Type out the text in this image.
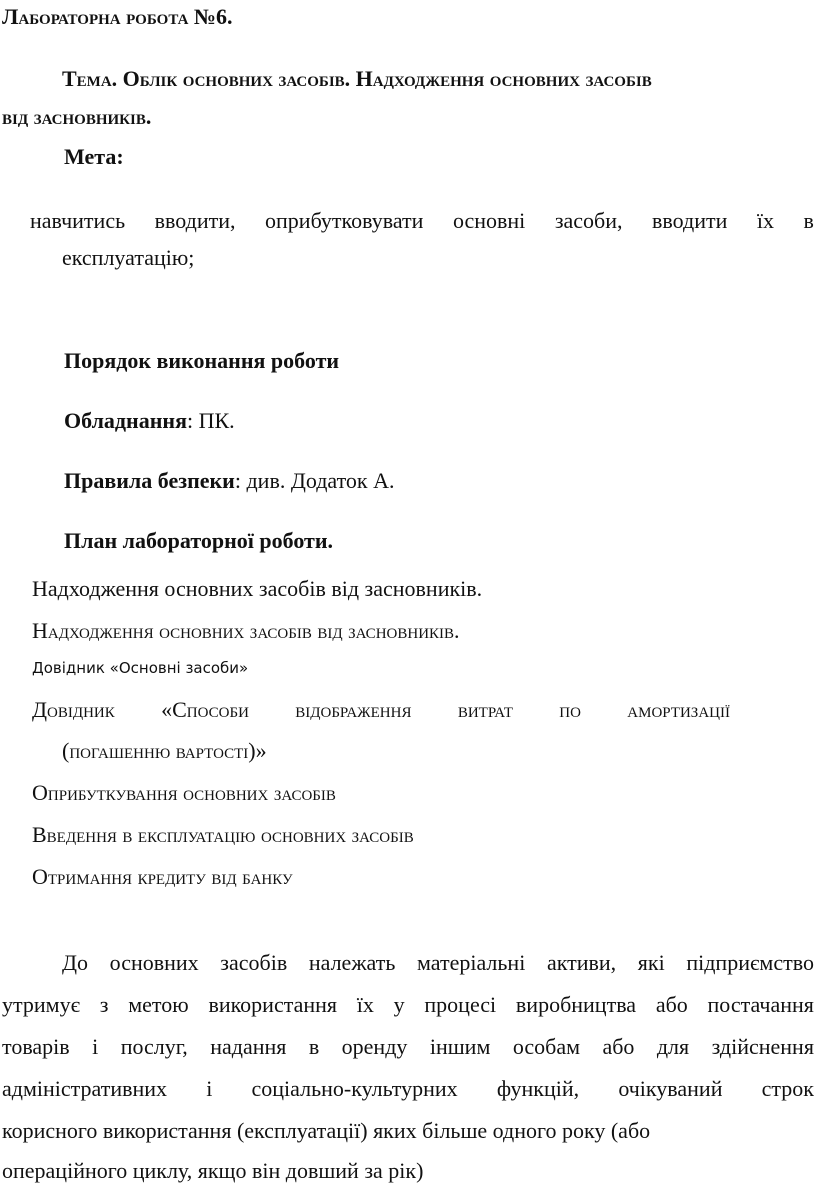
Лабораторна робота №6.

Тема. Облік основних засобів. Надходження основних засобів

від засновників.

Мета:

навчитись вводити, оприбутковувати основні засоби, вводити їх в

експлуатацію;

Порядок виконання роботи

Обладнання: ПК.

Правила безпеки: див. Додаток А.

План лабораторної роботи.

Надходження основних засобів від засновників.

Надходження основних засобів від засновників.

Довідник «Основні засоби»

Довідник «Способи відображення витрат по амортизації

(погашенню вартості)»

Оприбуткування основних засобів

Введення в експлуатацію основних засобів

Отримання кредиту від банку

До основних засобів належать матеріальні активи, які підприємство
утримує з метою використання їх у процесі виробництва або постачання
товарів і послуг, надання в оренду іншим особам або для здійснення
адміністративних і соціально-культурних функцій, очікуваний строк

корисного використання (експлуатації) яких більше одного року (або

операційного циклу, якщо він довший за рік)
